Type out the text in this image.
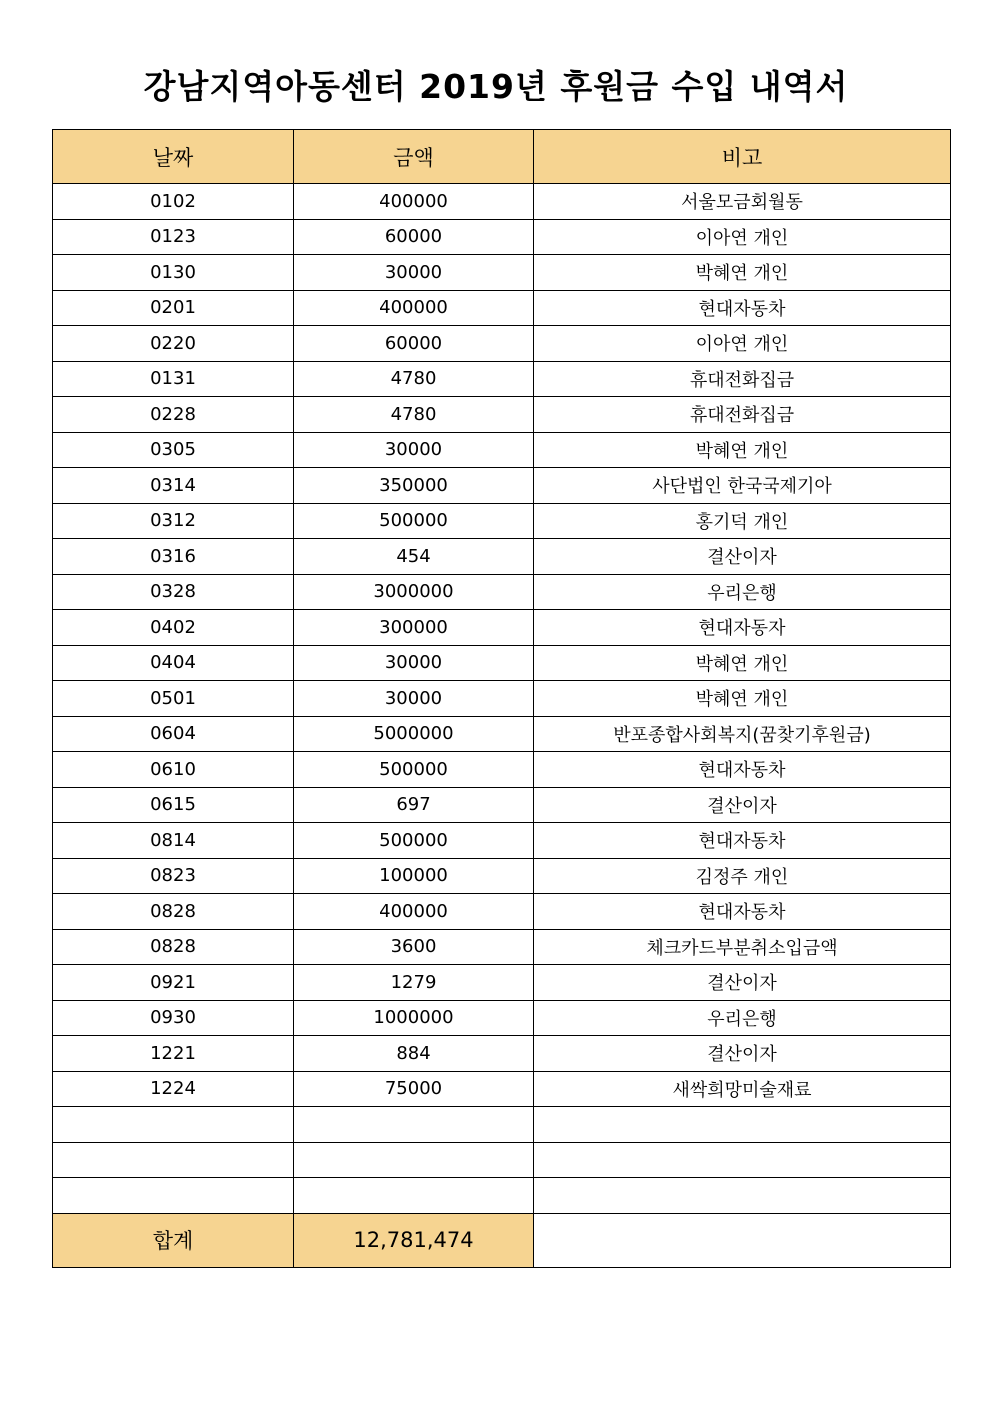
강남지역아동센터 2019년 후원금 수입 내역서
날짜	금액	비고
0102	400000	서울모금회월동
0123	60000	이아연 개인
0130	30000	박혜연 개인
0201	400000	현대자동차
0220	60000	이아연 개인
0131	4780	휴대전화집금
0228	4780	휴대전화집금
0305	30000	박혜연 개인
0314	350000	사단법인 한국국제기아
0312	500000	홍기덕 개인
0316	454	결산이자
0328	3000000	우리은행
0402	300000	현대자동자
0404	30000	박혜연 개인
0501	30000	박혜연 개인
0604	5000000	반포종합사회복지(꿈찾기후원금)
0610	500000	현대자동차
0615	697	결산이자
0814	500000	현대자동차
0823	100000	김정주 개인
0828	400000	현대자동차
0828	3600	체크카드부분취소입금액
0921	1279	결산이자
0930	1000000	우리은행
1221	884	결산이자
1224	75000	새싹희망미술재료

합계	12,781,474	
